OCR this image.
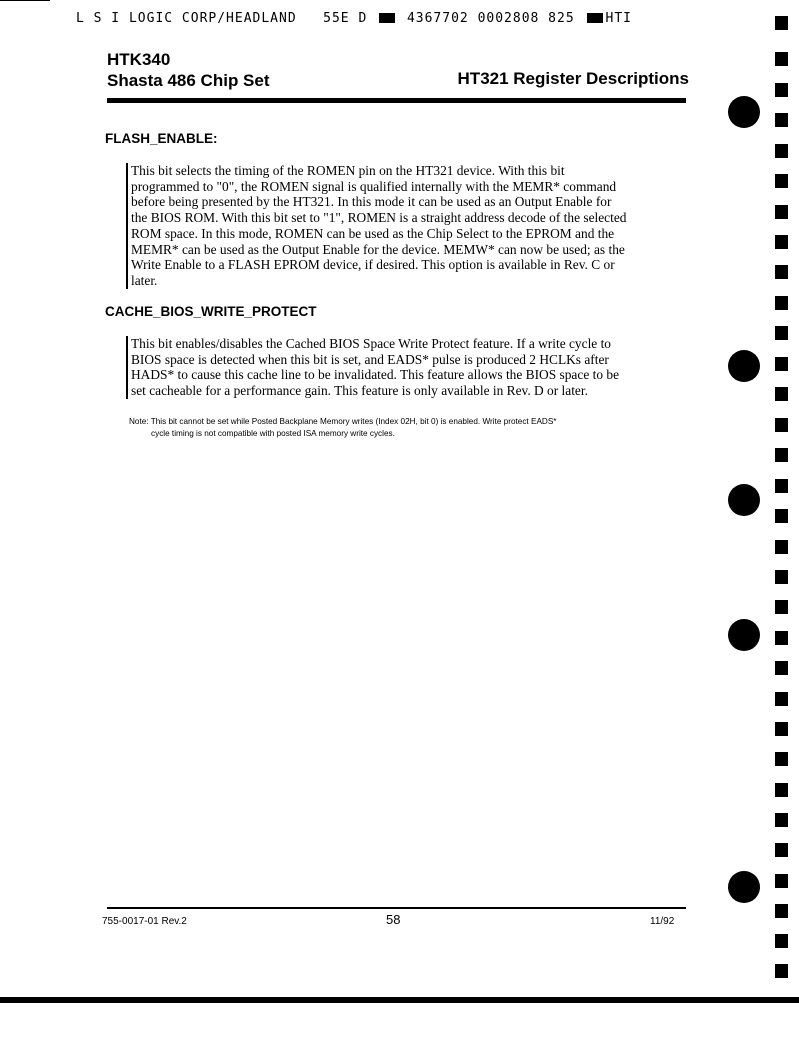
L S I LOGIC CORP/HEADLAND 55E D	4367702 0002808 825 HTI
HTK340
Shasta 486 Chip Set	HT321 Register Descriptions
FLASH_ENABLE:
This bit selects the timing of the ROMEN pin on the HT321 device. With this bit
programmed to "0", the ROMEN signal is qualified internally with the MEMR* command
before being presented by the HT321. In this mode it can be used as an Output Enable for
the BIOS ROM. With this bit set to "1", ROMEN is a straight address decode of the selected
ROM space. In this mode, ROMEN can be used as the Chip Select to the EPROM and the
MEMR* can be used as the Output Enable for the device. MEMW* can now be used; as the
Write Enable to a FLASH EPROM device, if desired. This option is available in Rev. C or
later.
CACHE_BIOS_WRITE_PROTECT
This bit enables/disables the Cached BIOS Space Write Protect feature. If a write cycle to
BIOS space is detected when this bit is set, and EADS* pulse is produced 2 HCLKs after
HADS* to cause this cache line to be invalidated. This feature allows the BIOS space to be
set cacheable for a performance gain. This feature is only available in Rev. D or later.
Note: This bit cannot be set while Posted Backplane Memory writes (Index 02H, bit 0) is enabled. Write protect EADS*
cycle timing is not compatible with posted ISA memory write cycles.
755-0017-01 Rev.2	58	11/92
